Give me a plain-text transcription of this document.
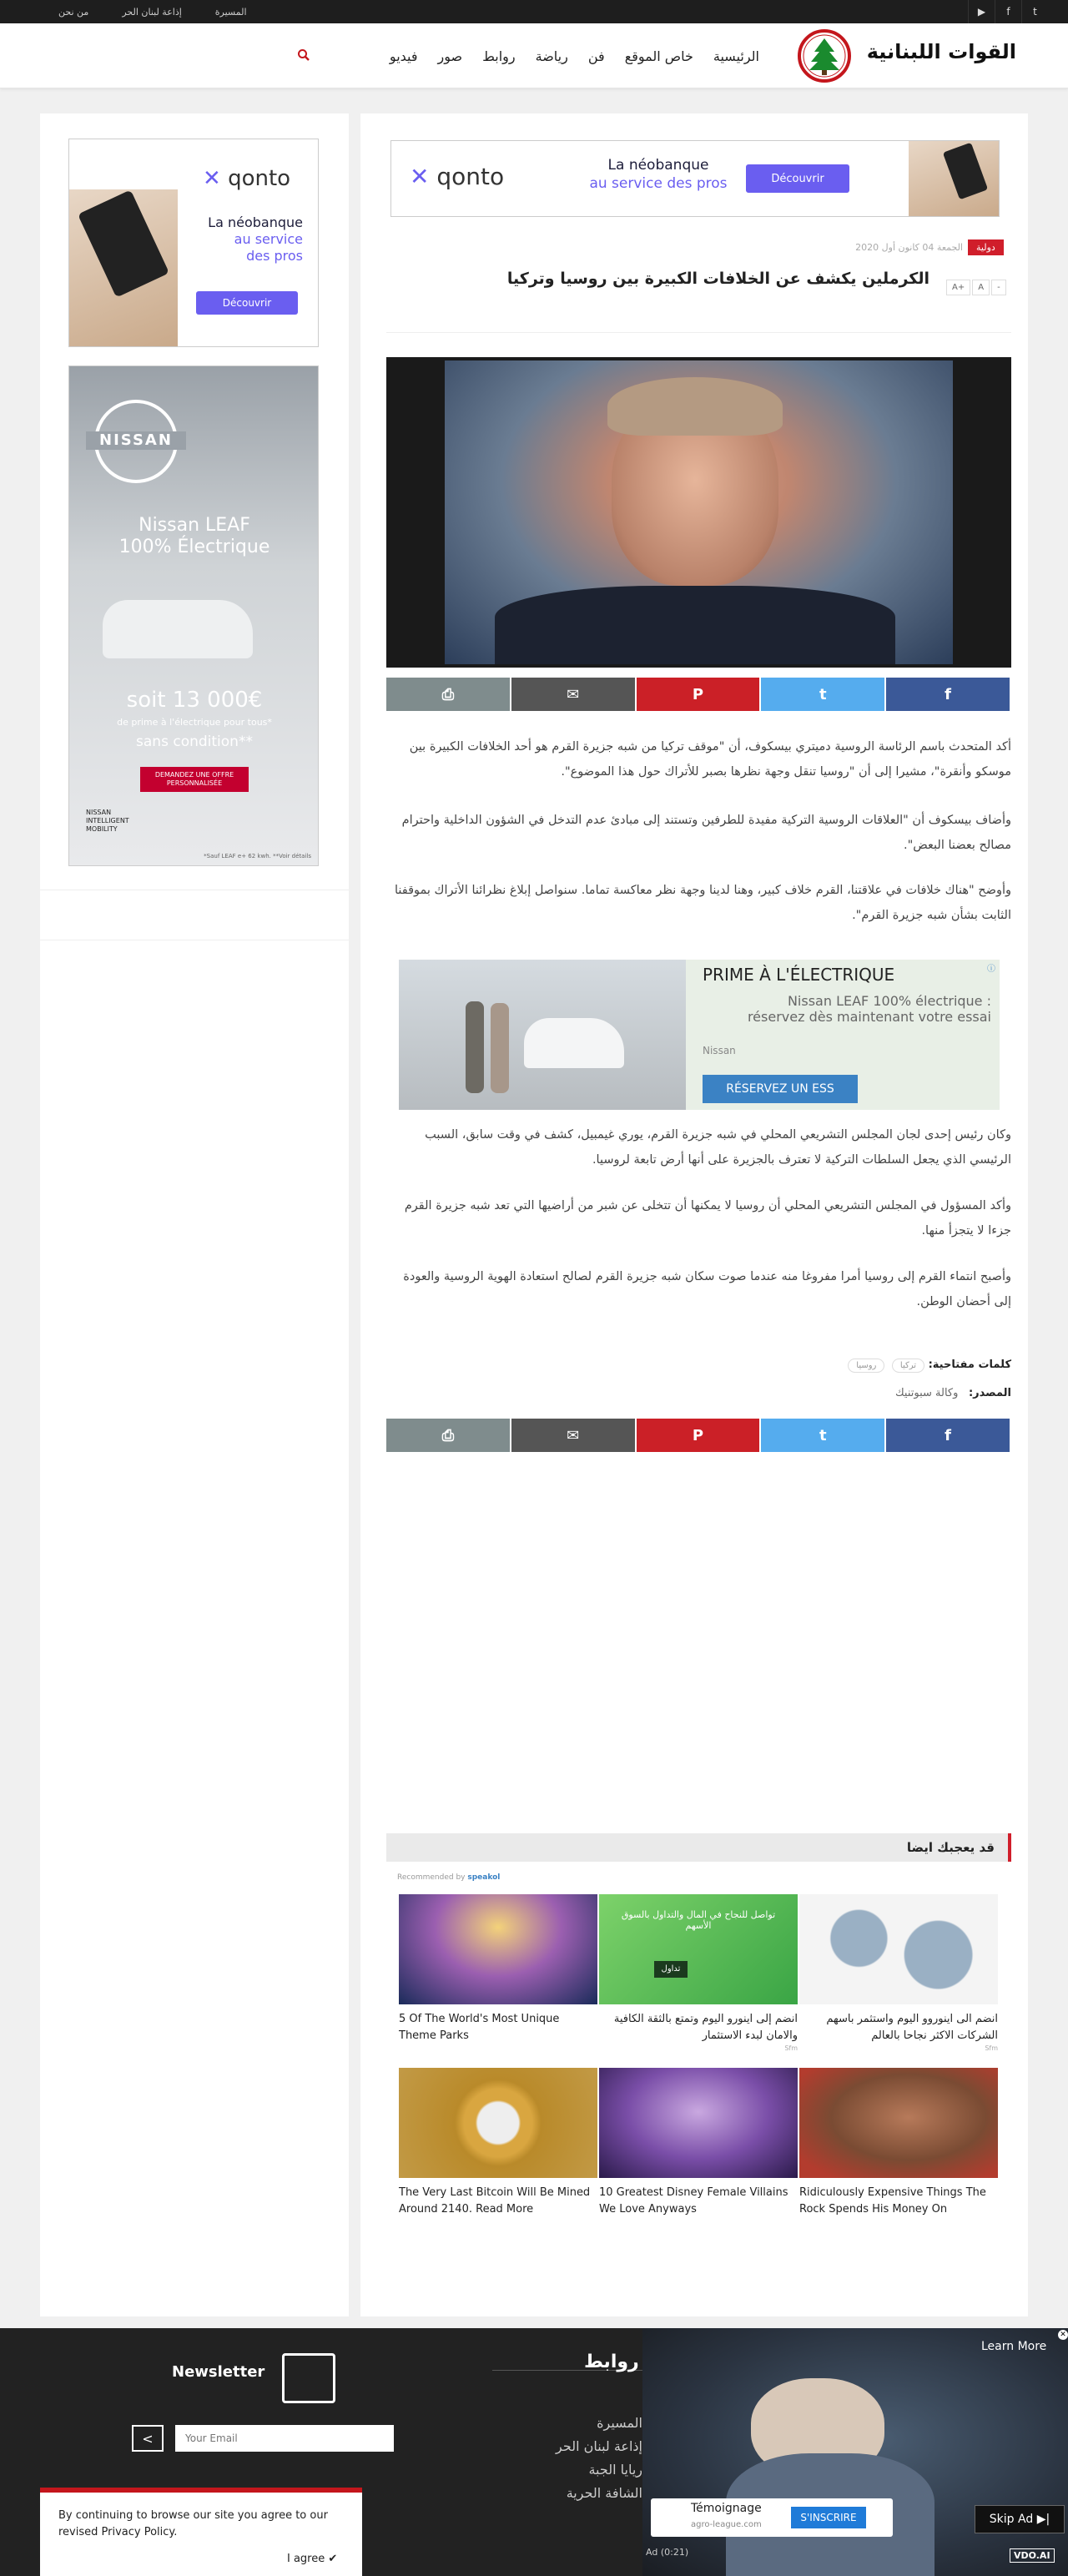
المسيرة
إذاعة لبنان الحر
من نحن	▶	f	t
القوات اللبنانية
الرئيسية
خاص الموقع
فن
رياضة
روابط
صور
فيديو
✕ qonto
La néobanque
au service
des pros
Découvrir
NISSAN
Nissan LEAF
100% Électrique
soit 13 000€
de prime à l'électrique pour tous*
sans condition**
DEMANDEZ UNE OFFRE PERSONNALISÉE
NISSAN INTELLIGENT MOBILITY
*Sauf LEAF e+ 62 kwh. **Voir détails
✕ qonto	La néobanque
au service des pros	Découvrir
دولية
الجمعة 04 كانون أول 2020
الكرملين يكشف عن الخلافات الكبيرة بين روسيا وتركيا	A+	A	-
⎙	✉	P	t	f
أكد المتحدث باسم الرئاسة الروسية دميتري بيسكوف، أن "موقف تركيا من شبه جزيرة القرم هو أحد الخلافات الكبيرة بين موسكو وأنقرة"، مشيرا إلى أن "روسيا تنقل وجهة نظرها بصبر للأتراك حول هذا الموضوع".
وأضاف بيسكوف أن "العلاقات الروسية التركية مفيدة للطرفين وتستند إلى مبادئ عدم التدخل في الشؤون الداخلية واحترام مصالح بعضنا البعض".
وأوضح "هناك خلافات في علاقتنا، القرم خلاف كبير، وهنا لدينا وجهة نظر معاكسة تماما. سنواصل إبلاغ نظرائنا الأتراك بموقفنا الثابت بشأن شبه جزيرة القرم".
PRIME À L'ÉLECTRIQUE
Nissan LEAF 100% électrique :
réservez dès maintenant votre essai
Nissan
RÉSERVEZ UN ESS
ⓘ
وكان رئيس إحدى لجان المجلس التشريعي المحلي في شبه جزيرة القرم، يوري غيمبيل، كشف في وقت سابق، السبب الرئيسي الذي يجعل السلطات التركية لا تعترف بالجزيرة على أنها أرض تابعة لروسيا.
وأكد المسؤول في المجلس التشريعي المحلي أن روسيا لا يمكنها أن تتخلى عن شبر من أراضيها التي تعد شبه جزيرة القرم جزءا لا يتجزأ منها.
وأصبح انتماء القرم إلى روسيا أمرا مفروغا منه عندما صوت سكان شبه جزيرة القرم لصالح استعادة الهوية الروسية والعودة إلى أحضان الوطن.
كلمات مفتاحية: تركيا روسيا
المصدر: وكالة سبوتنيك
⎙	✉	P	t	f
قد يعجبك ايضا
Recommended by speakol
5 Of The World's Most Unique Theme Parks
تواصل للنجاح في المال والتداول بالسوق الأسهم
تداول
انضم إلى اينورو اليوم وتمتع بالثقة الكافية والامان لبدء الاستثمار
Sfm
انضم الى اينوروو اليوم واستثمر باسهم الشركات الاكثر نجاحا بالعالم
Sfm
The Very Last Bitcoin Will Be Mined Around 2140. Read More
10 Greatest Disney Female Villains We Love Anyways
Ridiculously Expensive Things The Rock Spends His Money On
Newsletter
<
Your Email
روابط
المسيرة
إذاعة لبنان الحر
ريايا الجبة
الشافة الحرية
By continuing to browse our site you agree to our revised Privacy Policy.
I agree ✔
✕
Learn More
Témoignage
agro-league.com
S'INSCRIRE	Skip Ad ▶|
Ad (0:21)	VDO.AI
